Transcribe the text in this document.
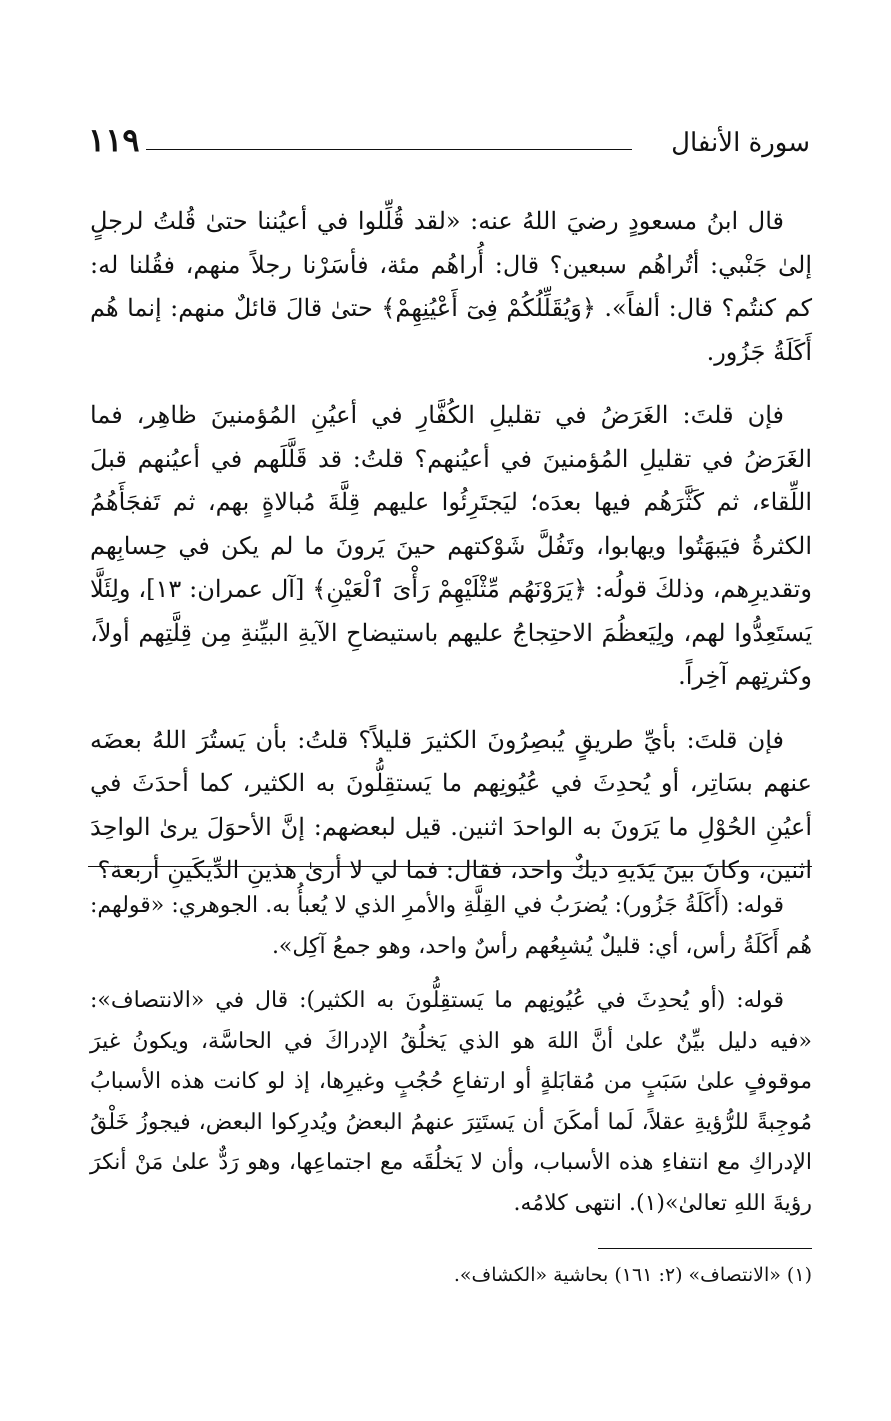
سورة الأنفال
١١٩

قال ابنُ مسعودٍ رضيَ اللهُ عنه: «لقد قُلِّلوا في أعيُننا حتىٰ قُلتُ لرجلٍ إلىٰ جَنْبي: أتُراهُم سبعين؟ قال: أُراهُم مئة، فأسَرْنا رجلاً منهم، فقُلنا له: كم كنتُم؟ قال: ألفاً». ﴿وَيُقَلِّلُكُمْ فِىٓ أَعْيُنِهِمْ﴾ حتىٰ قالَ قائلٌ منهم: إنما هُم أَكَلَةُ جَزُور.

فإن قلتَ: الغَرَضُ في تقليلِ الكُفَّارِ في أعيُنِ المُؤمنينَ ظاهِر، فما الغَرَضُ في تقليلِ المُؤمنينَ في أعيُنهم؟ قلتُ: قد قَلَّلَهم في أعيُنهم قبلَ اللِّقاء، ثم كَثَّرَهُم فيها بعدَه؛ ليَجتَرِئُوا عليهم قِلَّةَ مُبالاةٍ بهم، ثم تَفجَأَهُمُ الكثرةُ فيَبهَتُوا ويهابوا، وتَفُلَّ شَوْكتهم حينَ يَرونَ ما لم يكن في حِسابِهم وتقديرِهم، وذلكَ قولُه: ﴿يَرَوْنَهُم مِّثْلَيْهِمْ رَأْىَ ٱلْعَيْنِ﴾ [آل عمران: ١٣]، ولِئَلَّا يَستَعِدُّوا لهم، ولِيَعظُمَ الاحتِجاجُ عليهم باستيضاحِ الآيةِ البيِّنةِ مِن قِلَّتِهم أولاً، وكثرتِهم آخِراً.

فإن قلتَ: بأيِّ طريقٍ يُبصِرُونَ الكثيرَ قليلاً؟ قلتُ: بأن يَستُرَ اللهُ بعضَه عنهم بسَاتِر، أو يُحدِثَ في عُيُونِهم ما يَستقِلُّونَ به الكثير، كما أحدَثَ في أعيُنِ الحُوْلِ ما يَرَونَ به الواحدَ اثنين. قيل لبعضهم: إنَّ الأحوَلَ يرىٰ الواحِدَ اثنين، وكانَ بينَ يَدَيهِ ديكٌ واحد، فقال: فما لي لا أرىٰ هذينِ الدِّيكَينِ أربعة؟

قوله: (أَكَلَةُ جَزُور): يُضرَبُ في القِلَّةِ والأمرِ الذي لا يُعبأُ به. الجوهري: «قولهم: هُم أَكَلَةُ رأس، أي: قليلٌ يُشبِعُهم رأسٌ واحد، وهو جمعُ آكِل».

قوله: (أو يُحدِثَ في عُيُونِهم ما يَستقِلُّونَ به الكثير): قال في «الانتصاف»: «فيه دليل بيِّنٌ علىٰ أنَّ اللهَ هو الذي يَخلُقُ الإدراكَ في الحاسَّة، ويكونُ غيرَ موقوفٍ علىٰ سَبَبٍ من مُقابَلةٍ أو ارتفاعِ حُجُبٍ وغيرِها، إذ لو كانت هذه الأسبابُ مُوجِبةً للرُّؤيةِ عقلاً، لَما أمكَنَ أن يَستَتِرَ عنهمُ البعضُ ويُدرِكوا البعض، فيجوزُ خَلْقُ الإدراكِ مع انتفاءِ هذه الأسباب، وأن لا يَخلُقَه مع اجتماعِها، وهو رَدٌّ علىٰ مَنْ أنكرَ رؤيةَ اللهِ تعالىٰ»(١). انتهى كلامُه.

(١) «الانتصاف» (٢: ١٦١) بحاشية «الكشاف».
